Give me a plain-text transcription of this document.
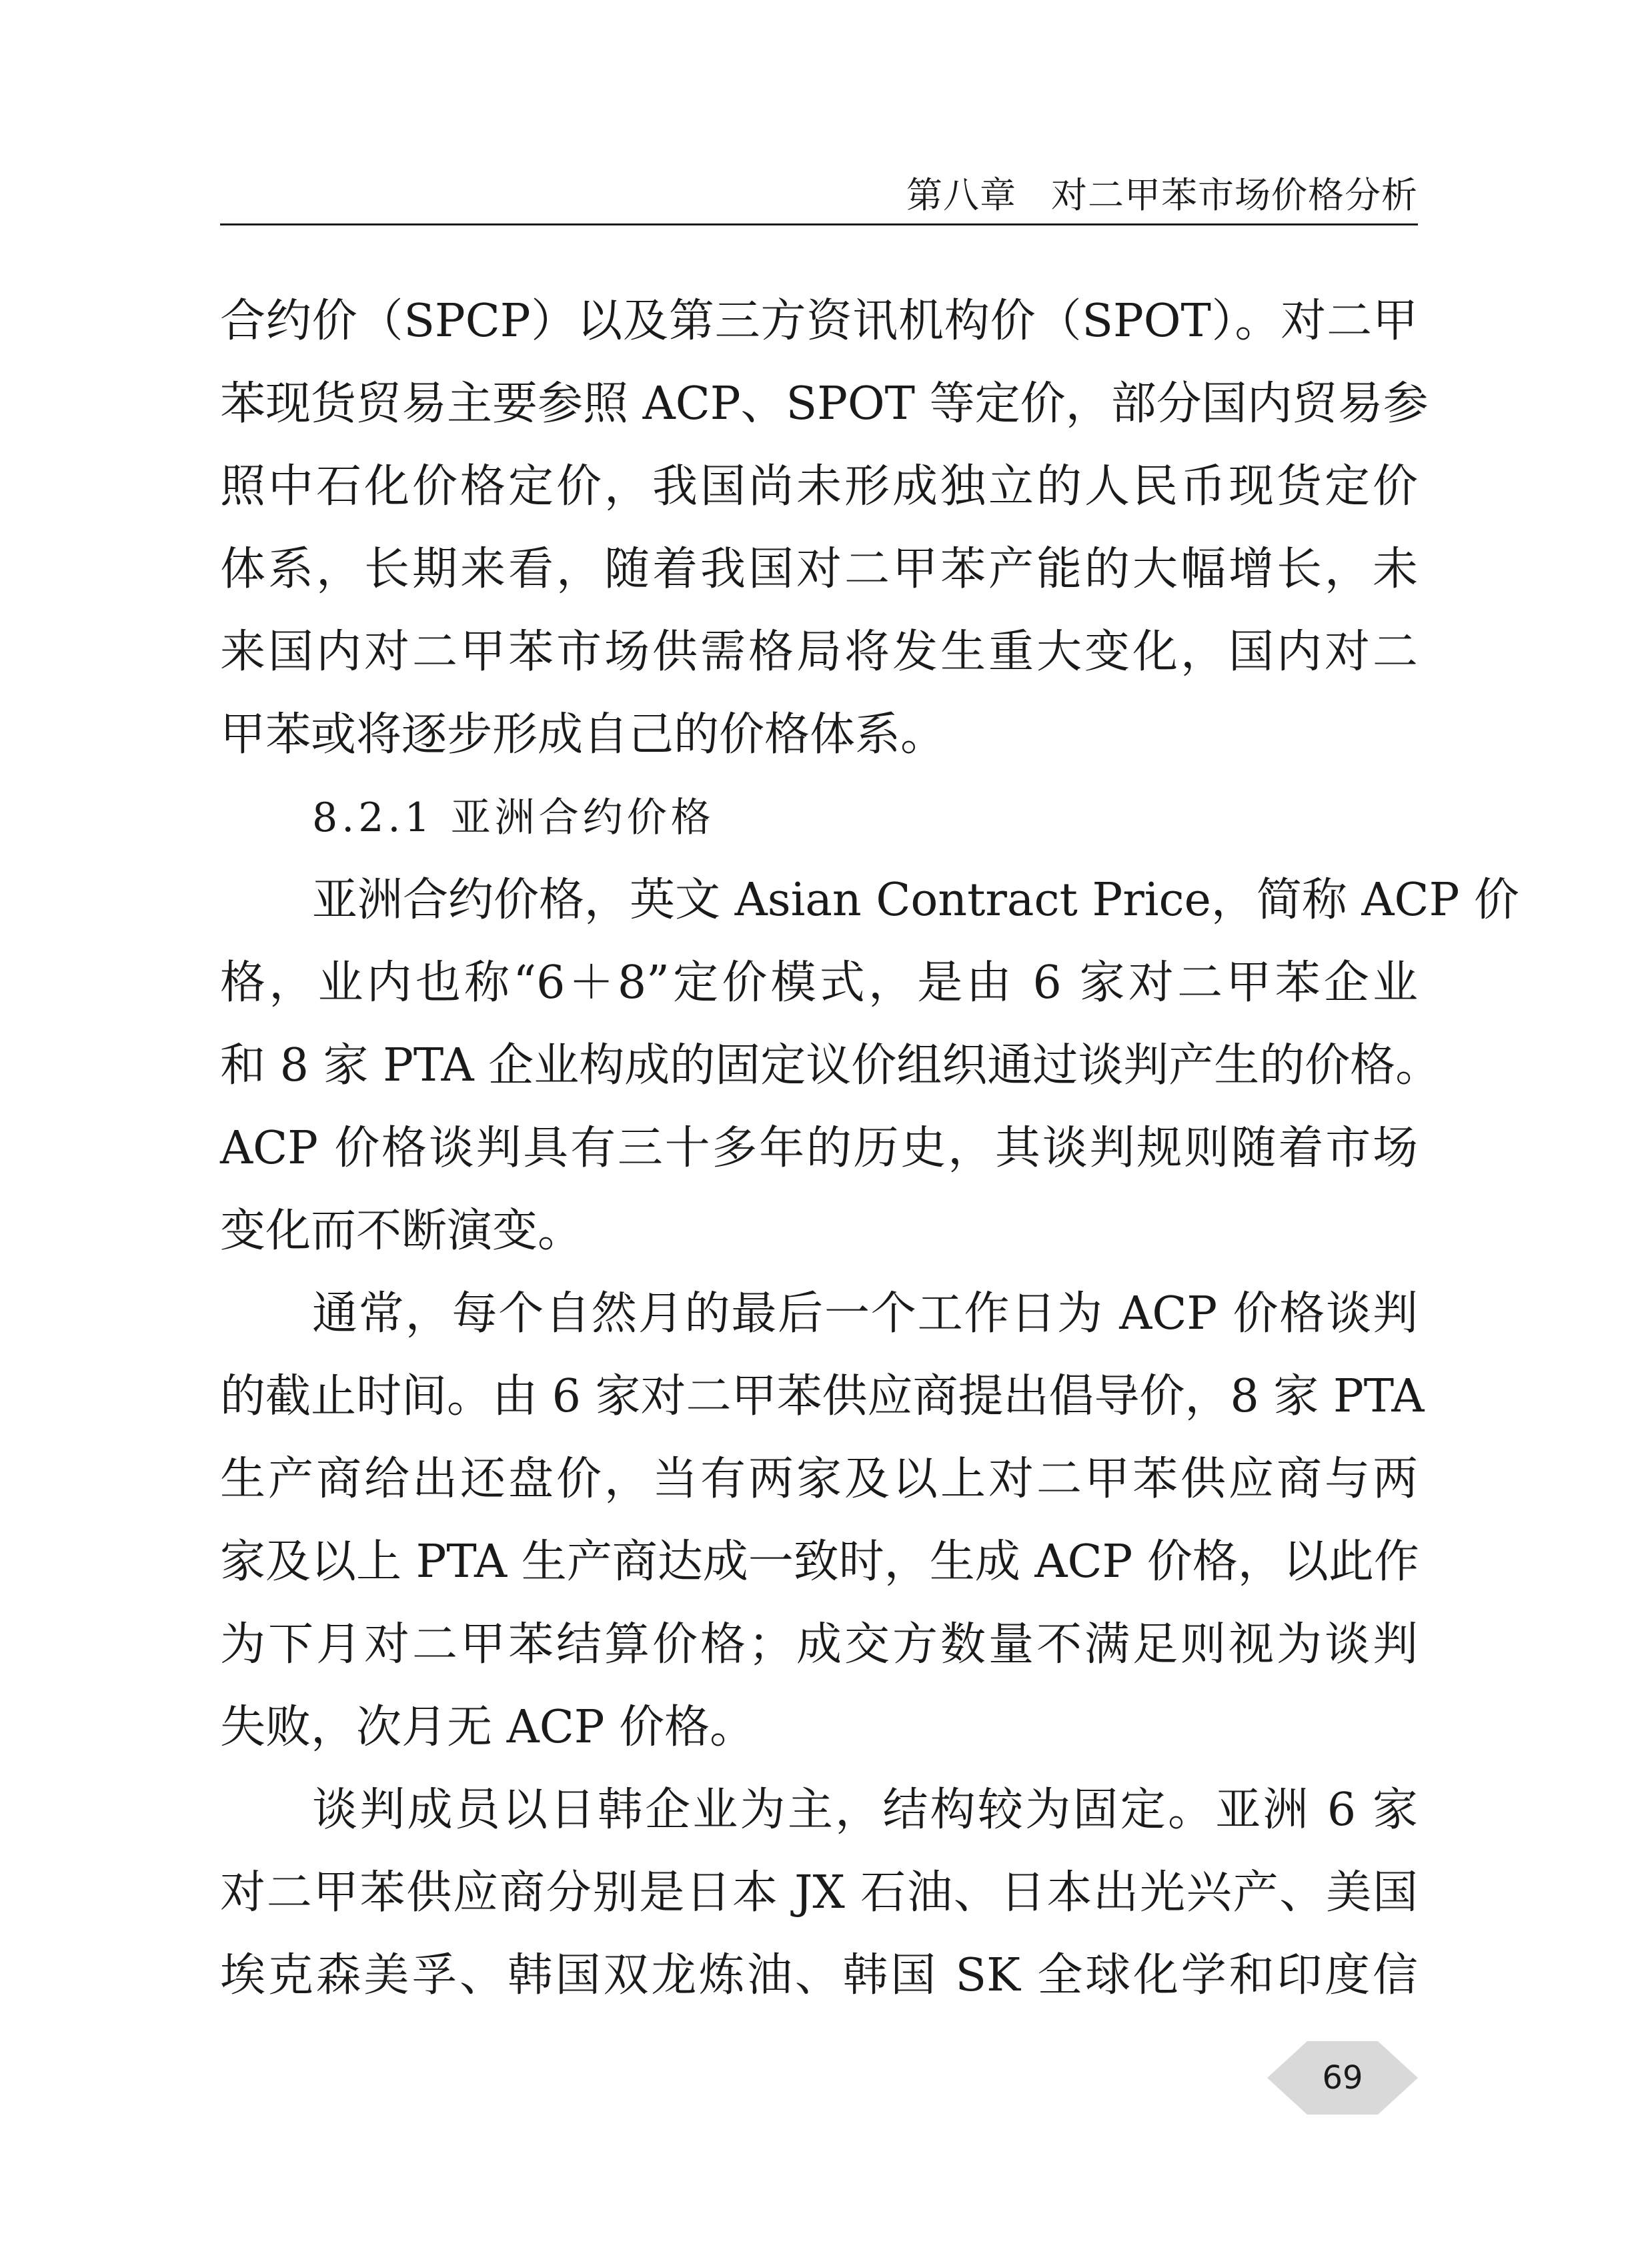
第八章 对二甲苯市场价格分析
合约价（SPCP）以及第三方资讯机构价（SPOT）。对二甲
苯现货贸易主要参照 ACP、SPOT 等定价，部分国内贸易参
照中石化价格定价，我国尚未形成独立的人民币现货定价
体系，长期来看，随着我国对二甲苯产能的大幅增长，未
来国内对二甲苯市场供需格局将发生重大变化，国内对二
甲苯或将逐步形成自己的价格体系。
8.2.1 亚洲合约价格
亚洲合约价格，英文 Asian Contract Price，简称 ACP 价
格，业内也称“6＋8”定价模式，是由 6 家对二甲苯企业
和 8 家 PTA 企业构成的固定议价组织通过谈判产生的价格。
ACP 价格谈判具有三十多年的历史，其谈判规则随着市场
变化而不断演变。
通常，每个自然月的最后一个工作日为 ACP 价格谈判
的截止时间。由 6 家对二甲苯供应商提出倡导价，8 家 PTA
生产商给出还盘价，当有两家及以上对二甲苯供应商与两
家及以上 PTA 生产商达成一致时，生成 ACP 价格，以此作
为下月对二甲苯结算价格；成交方数量不满足则视为谈判
失败，次月无 ACP 价格。
谈判成员以日韩企业为主，结构较为固定。亚洲 6 家
对二甲苯供应商分别是日本 JX 石油、日本出光兴产、美国
埃克森美孚、韩国双龙炼油、韩国 SK 全球化学和印度信
69
